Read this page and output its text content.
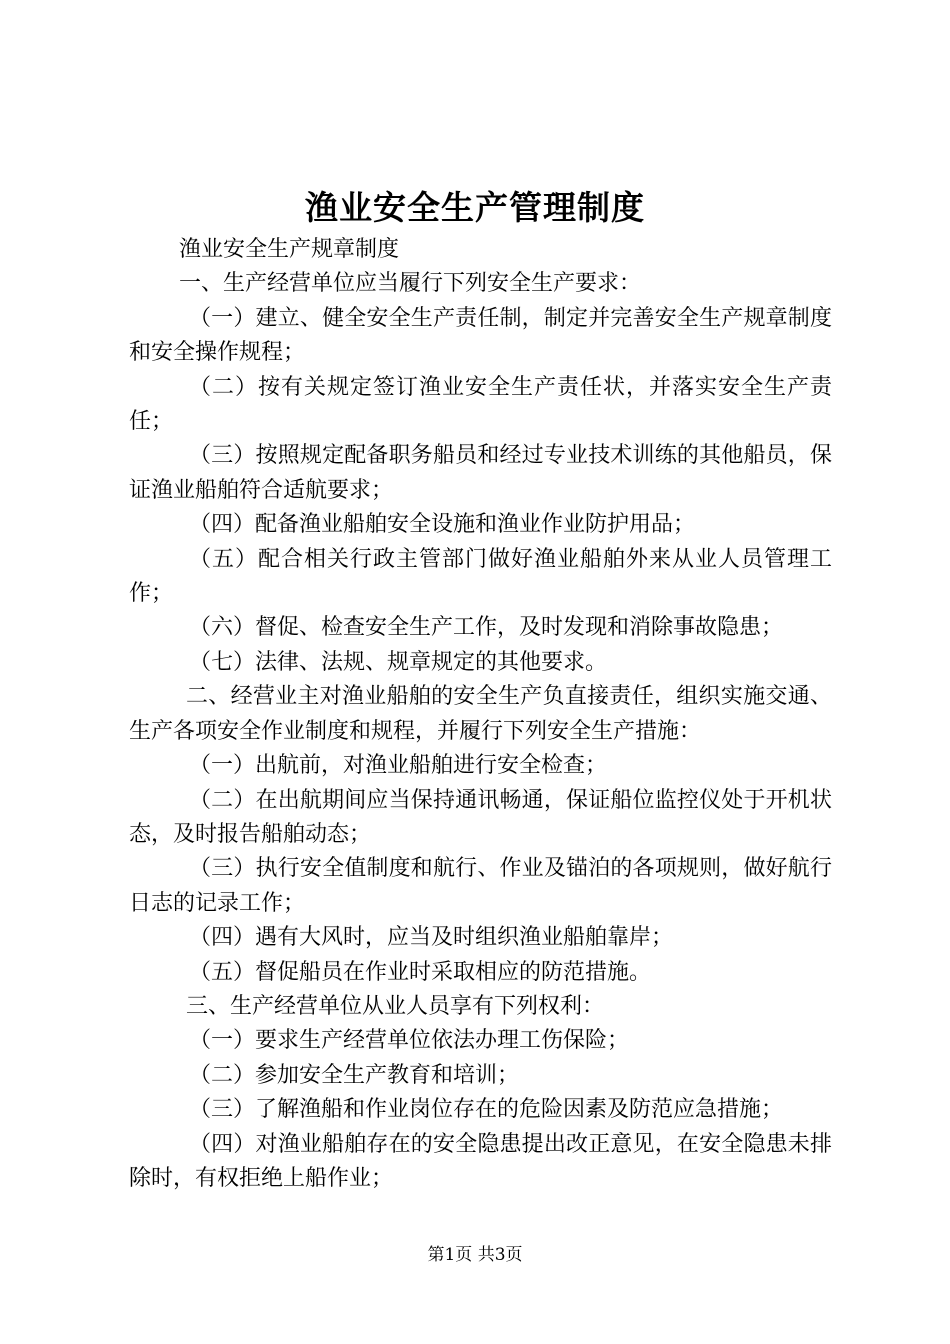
渔业安全生产管理制度

渔业安全生产规章制度

一、生产经营单位应当履行下列安全生产要求：

（一）建立、健全安全生产责任制，制定并完善安全生产规章制度和安全操作规程；

（二）按有关规定签订渔业安全生产责任状，并落实安全生产责任；

（三）按照规定配备职务船员和经过专业技术训练的其他船员，保证渔业船舶符合适航要求；

（四）配备渔业船舶安全设施和渔业作业防护用品；

（五）配合相关行政主管部门做好渔业船舶外来从业人员管理工作；

（六）督促、检查安全生产工作，及时发现和消除事故隐患；

（七）法律、法规、规章规定的其他要求。

二、经营业主对渔业船舶的安全生产负直接责任，组织实施交通、生产各项安全作业制度和规程，并履行下列安全生产措施：

（一）出航前，对渔业船舶进行安全检查；

（二）在出航期间应当保持通讯畅通，保证船位监控仪处于开机状态，及时报告船舶动态；

（三）执行安全值制度和航行、作业及锚泊的各项规则，做好航行日志的记录工作；

（四）遇有大风时，应当及时组织渔业船舶靠岸；

（五）督促船员在作业时采取相应的防范措施。

三、生产经营单位从业人员享有下列权利：

（一）要求生产经营单位依法办理工伤保险；

（二）参加安全生产教育和培训；

（三）了解渔船和作业岗位存在的危险因素及防范应急措施；

（四）对渔业船舶存在的安全隐患提出改正意见，在安全隐患未排除时，有权拒绝上船作业；

第1页 共3页
